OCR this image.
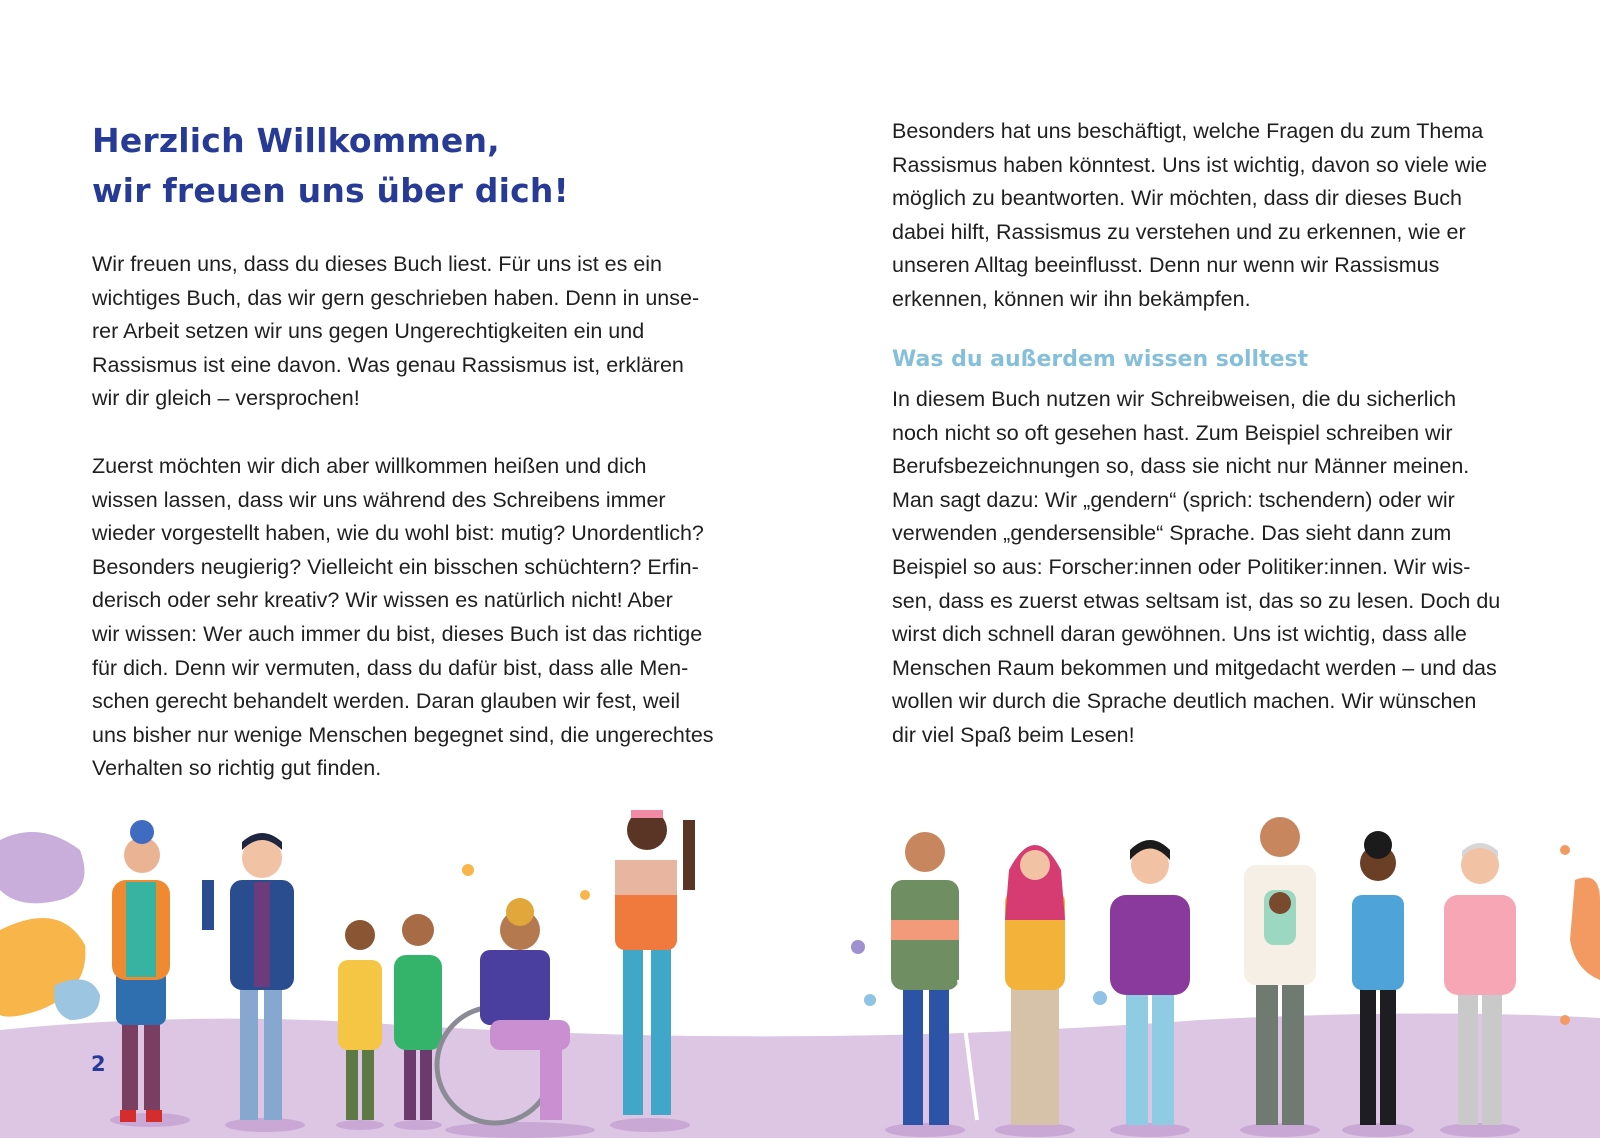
Herzlich Willkommen,
wir freuen uns über dich!

Wir freuen uns, dass du dieses Buch liest. Für uns ist es ein
wichtiges Buch, das wir gern geschrieben haben. Denn in unse-
rer Arbeit setzen wir uns gegen Ungerechtigkeiten ein und
Rassismus ist eine davon. Was genau Rassismus ist, erklären
wir dir gleich – versprochen!

Zuerst möchten wir dich aber willkommen heißen und dich
wissen lassen, dass wir uns während des Schreibens immer
wieder vorgestellt haben, wie du wohl bist: mutig? Unordentlich?
Besonders neugierig? Vielleicht ein bisschen schüchtern? Erfin-
derisch oder sehr kreativ? Wir wissen es natürlich nicht! Aber
wir wissen: Wer auch immer du bist, dieses Buch ist das richtige
für dich. Denn wir vermuten, dass du dafür bist, dass alle Men-
schen gerecht behandelt werden. Daran glauben wir fest, weil
uns bisher nur wenige Menschen begegnet sind, die ungerechtes
Verhalten so richtig gut finden.

Besonders hat uns beschäftigt, welche Fragen du zum Thema
Rassismus haben könntest. Uns ist wichtig, davon so viele wie
möglich zu beantworten. Wir möchten, dass dir dieses Buch
dabei hilft, Rassismus zu verstehen und zu erkennen, wie er
unseren Alltag beeinflusst. Denn nur wenn wir Rassismus
erkennen, können wir ihn bekämpfen.

Was du außerdem wissen solltest

In diesem Buch nutzen wir Schreibweisen, die du sicherlich
noch nicht so oft gesehen hast. Zum Beispiel schreiben wir
Berufsbezeichnungen so, dass sie nicht nur Männer meinen.
Man sagt dazu: Wir „gendern“ (sprich: tschendern) oder wir
verwenden „gendersensible“ Sprache. Das sieht dann zum
Beispiel so aus: Forscher:innen oder Politiker:innen. Wir wis-
sen, dass es zuerst etwas seltsam ist, das so zu lesen. Doch du
wirst dich schnell daran gewöhnen. Uns ist wichtig, dass alle
Menschen Raum bekommen und mitgedacht werden – und das
wollen wir durch die Sprache deutlich machen. Wir wünschen
dir viel Spaß beim Lesen!

2
